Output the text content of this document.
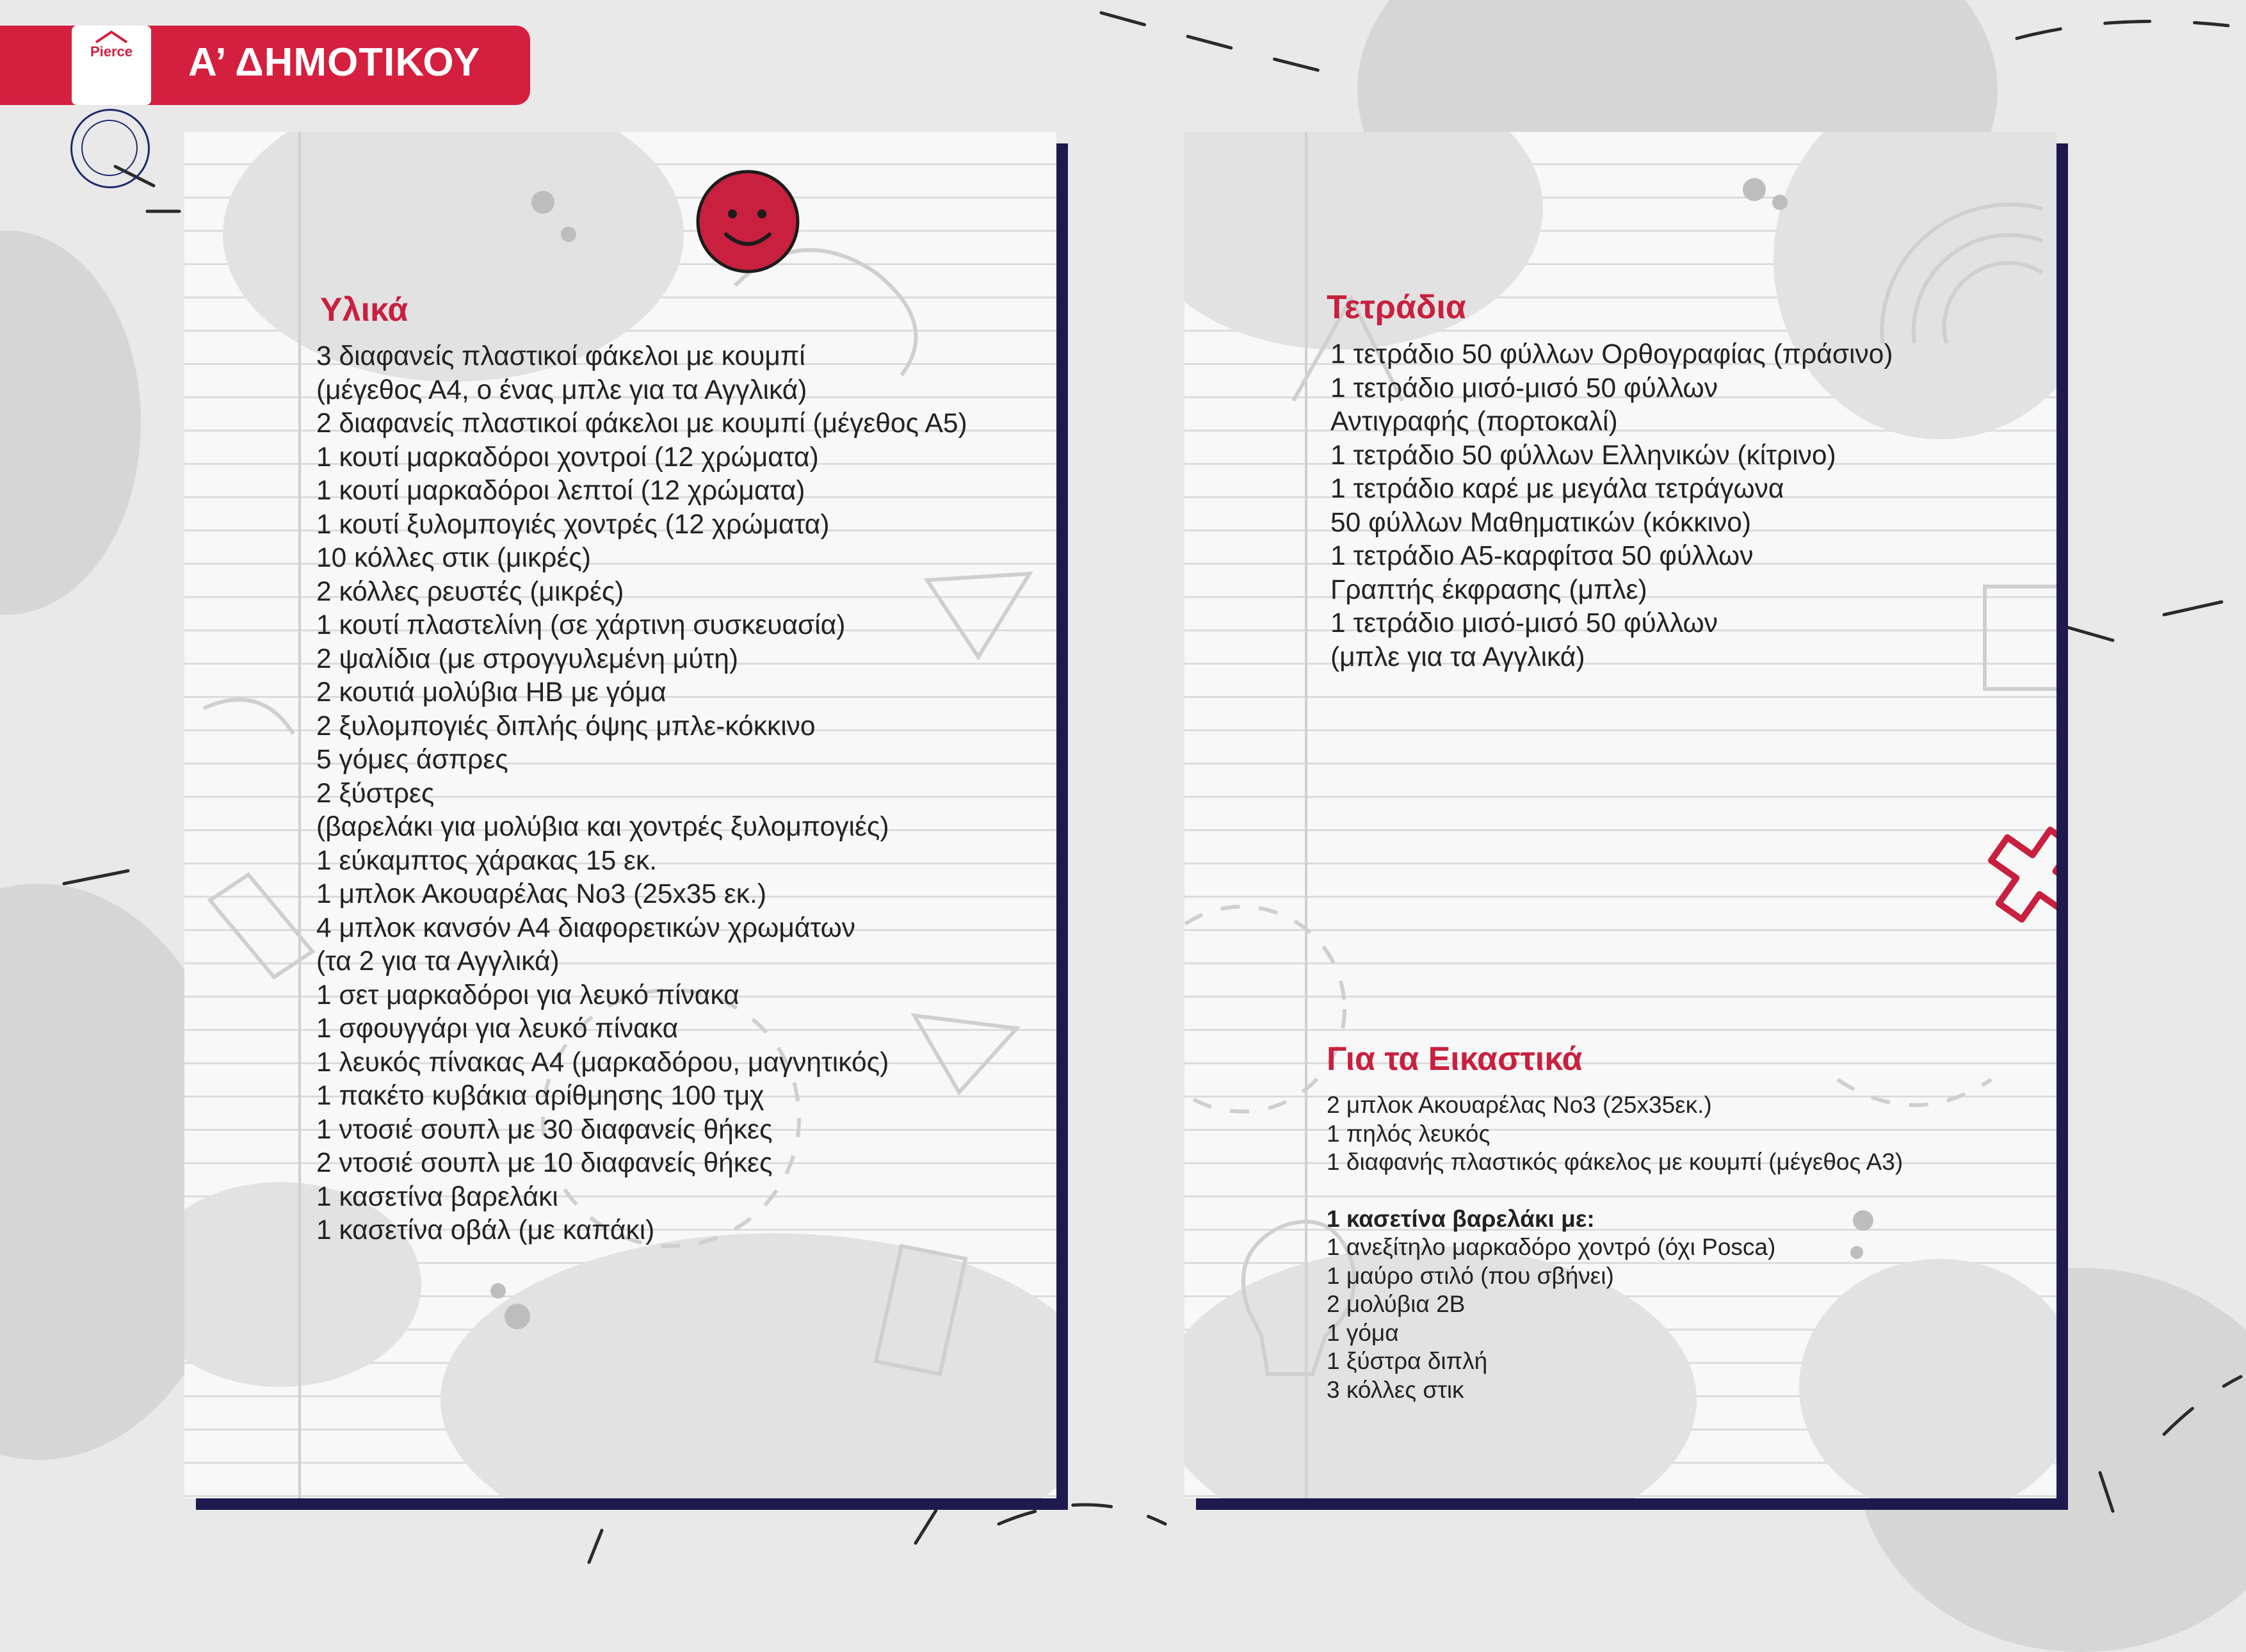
Pierce	Α’ ΔΗΜΟΤΙΚΟΥ
Υλικά
3 διαφανείς πλαστικοί φάκελοι με κουμπί
(μέγεθος Α4, ο ένας μπλε για τα Αγγλικά)
2 διαφανείς πλαστικοί φάκελοι με κουμπί (μέγεθος Α5)
1 κουτί μαρκαδόροι χοντροί (12 χρώματα)
1 κουτί μαρκαδόροι λεπτοί (12 χρώματα)
1 κουτί ξυλομπογιές χοντρές (12 χρώματα)
10 κόλλες στικ (μικρές)
2 κόλλες ρευστές (μικρές)
1 κουτί πλαστελίνη (σε χάρτινη συσκευασία)
2 ψαλίδια (με στρογγυλεμένη μύτη)
2 κουτιά μολύβια ΗΒ με γόμα
2 ξυλομπογιές διπλής όψης μπλε-κόκκινο
5 γόμες άσπρες
2 ξύστρες
(βαρελάκι για μολύβια και χοντρές ξυλομπογιές)
1 εύκαμπτος χάρακας 15 εκ.
1 μπλοκ Ακουαρέλας Νο3 (25x35 εκ.)
4 μπλοκ κανσόν Α4 διαφορετικών χρωμάτων
(τα 2 για τα Αγγλικά)
1 σετ μαρκαδόροι για λευκό πίνακα
1 σφουγγάρι για λευκό πίνακα
1 λευκός πίνακας Α4 (μαρκαδόρου, μαγνητικός)
1 πακέτο κυβάκια αρίθμησης 100 τμχ
1 ντοσιέ σουπλ με 30 διαφανείς θήκες
2 ντοσιέ σουπλ με 10 διαφανείς θήκες
1 κασετίνα βαρελάκι
1 κασετίνα οβάλ (με καπάκι)
Τετράδια
1 τετράδιο 50 φύλλων Ορθογραφίας (πράσινο)
1 τετράδιο μισό-μισό 50 φύλλων
Αντιγραφής (πορτοκαλί)
1 τετράδιο 50 φύλλων Ελληνικών (κίτρινο)
1 τετράδιο καρέ με μεγάλα τετράγωνα
50 φύλλων Μαθηματικών (κόκκινο)
1 τετράδιο Α5-καρφίτσα 50 φύλλων
Γραπτής έκφρασης (μπλε)
1 τετράδιο μισό-μισό 50 φύλλων
(μπλε για τα Αγγλικά)
Για τα Εικαστικά
2 μπλοκ Ακουαρέλας Νο3 (25x35εκ.)
1 πηλός λευκός
1 διαφανής πλαστικός φάκελος με κουμπί (μέγεθος Α3)
1 κασετίνα βαρελάκι με:
1 ανεξίτηλο μαρκαδόρο χοντρό (όχι Posca)
1 μαύρο στιλό (που σβήνει)
2 μολύβια 2Β
1 γόμα
1 ξύστρα διπλή
3 κόλλες στικ
